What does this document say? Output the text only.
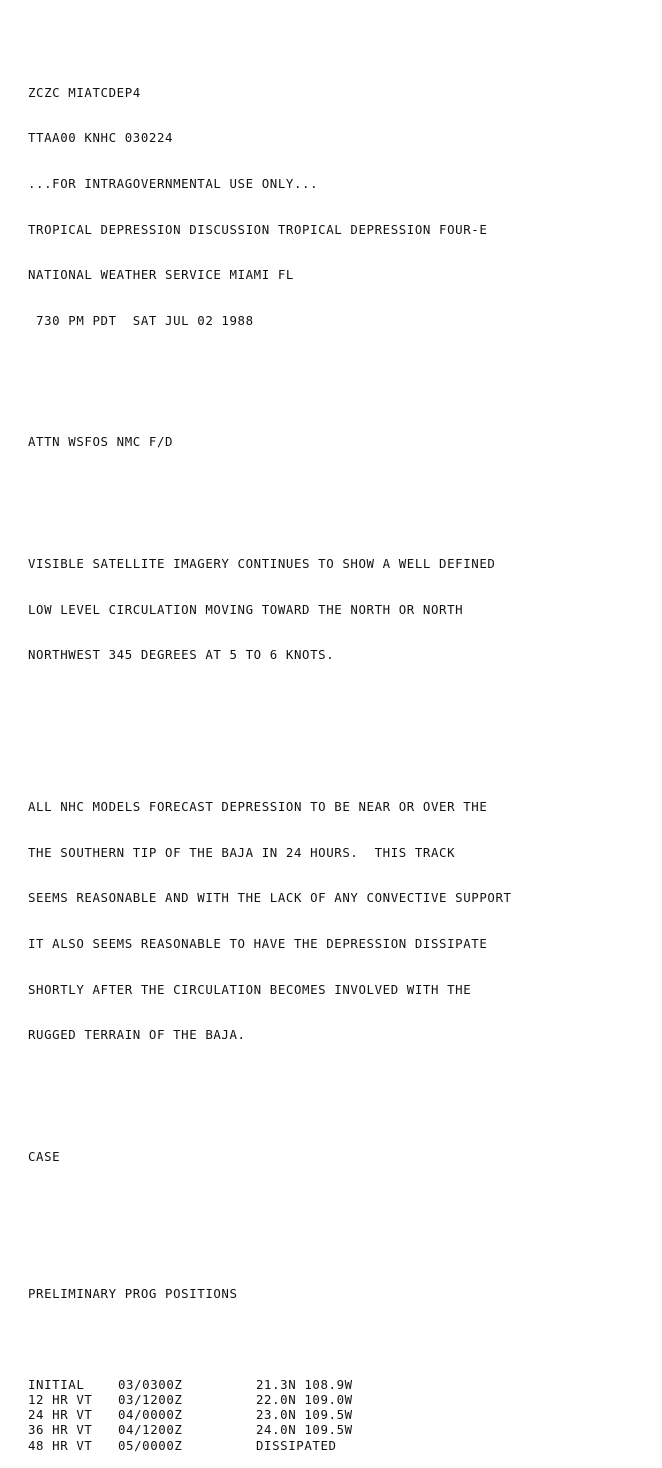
ZCZC MIATCDEP4

TTAA00 KNHC 030224

...FOR INTRAGOVERNMENTAL USE ONLY...

TROPICAL DEPRESSION DISCUSSION TROPICAL DEPRESSION FOUR-E

NATIONAL WEATHER SERVICE MIAMI FL

730 PM PDT  SAT JUL 02 1988

ATTN WSFOS NMC F/D

VISIBLE SATELLITE IMAGERY CONTINUES TO SHOW A WELL DEFINED

LOW LEVEL CIRCULATION MOVING TOWARD THE NORTH OR NORTH

NORTHWEST 345 DEGREES AT 5 TO 6 KNOTS.

ALL NHC MODELS FORECAST DEPRESSION TO BE NEAR OR OVER THE

THE SOUTHERN TIP OF THE BAJA IN 24 HOURS.  THIS TRACK

SEEMS REASONABLE AND WITH THE LACK OF ANY CONVECTIVE SUPPORT

IT ALSO SEEMS REASONABLE TO HAVE THE DEPRESSION DISSIPATE

SHORTLY AFTER THE CIRCULATION BECOMES INVOLVED WITH THE

RUGGED TERRAIN OF THE BAJA.

CASE

PRELIMINARY PROG POSITIONS

INITIAL	03/0300Z	21.3N 108.9W
12 HR VT	03/1200Z	22.0N 109.0W
24 HR VT	04/0000Z	23.0N 109.5W
36 HR VT	04/1200Z	24.0N 109.5W
48 HR VT	05/0000Z	DISSIPATED
